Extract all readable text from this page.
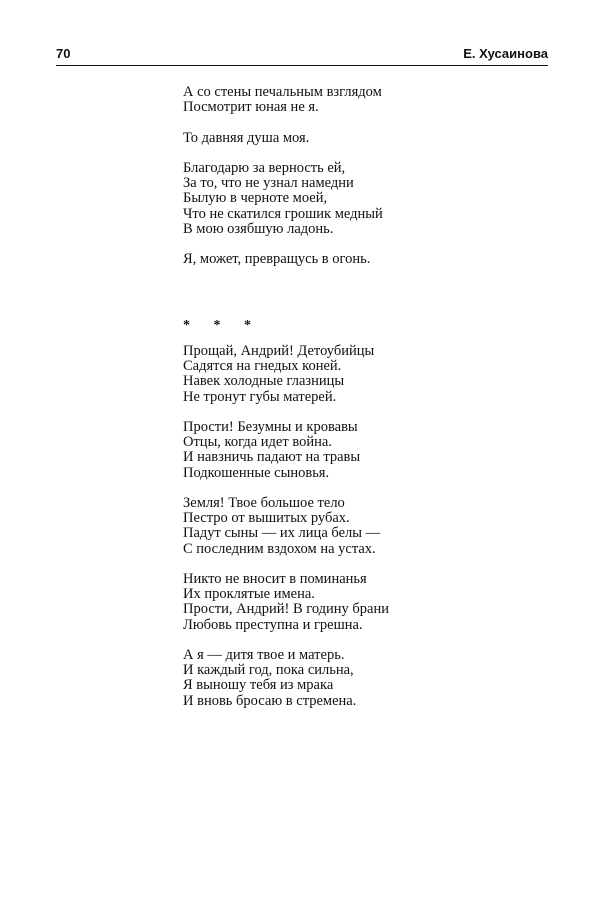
70	Е. Хусаинова
А со стены печальным взглядом
Посмотрит юная не я.
То давняя душа моя.
Благодарю за верность ей,
За то, что не узнал намедни
Былую в черноте моей,
Что не скатился грошик медный
В мою озябшую ладонь.
Я, может, превращусь в огонь.
* * *
Прощай, Андрий! Детоубийцы
Садятся на гнедых коней.
Навек холодные глазницы
Не тронут губы матерей.
Прости! Безумны и кровавы
Отцы, когда идет война.
И навзничь падают на травы
Подкошенные сыновья.
Земля! Твое большое тело
Пестро от вышитых рубах.
Падут сыны — их лица белы —
С последним вздохом на устах.
Никто не вносит в поминанья
Их проклятые имена.
Прости, Андрий! В годину брани
Любовь преступна и грешна.
А я — дитя твое и матерь.
И каждый год, пока сильна,
Я выношу тебя из мрака
И вновь бросаю в стремена.
